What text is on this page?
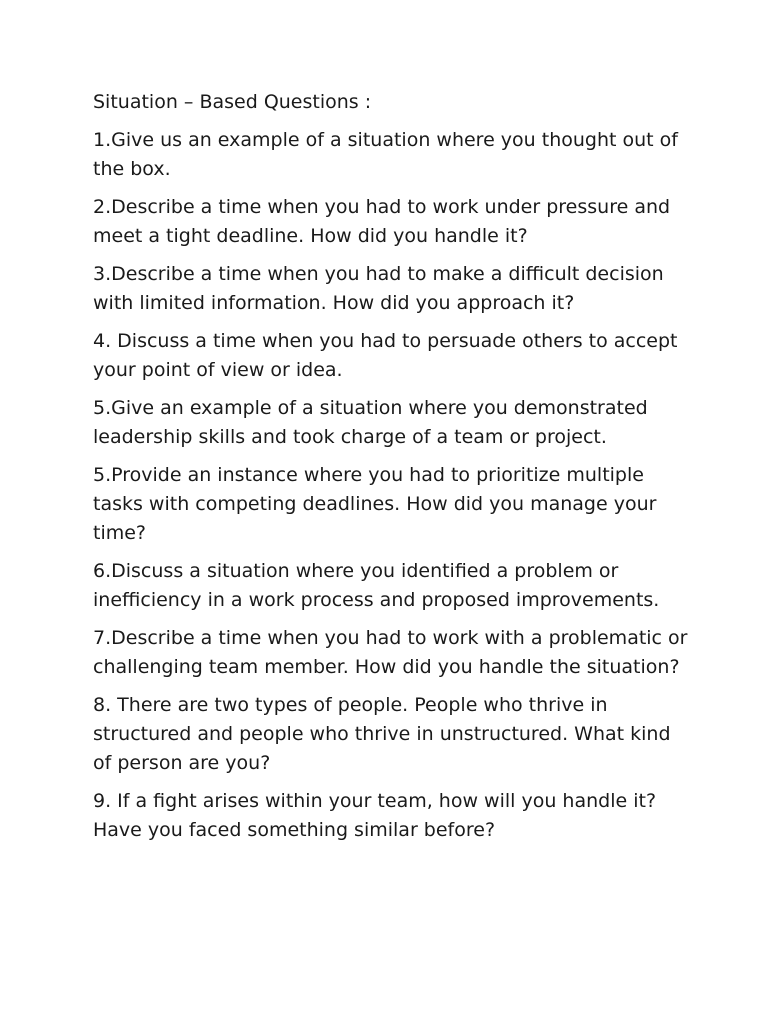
Situation – Based Questions :

1.Give us an example of a situation where you thought out of the box.

2.Describe a time when you had to work under pressure and meet a tight deadline. How did you handle it?

3.Describe a time when you had to make a difficult decision with limited information. How did you approach it?

4. Discuss a time when you had to persuade others to accept your point of view or idea.

5.Give an example of a situation where you demonstrated leadership skills and took charge of a team or project.

5.Provide an instance where you had to prioritize multiple tasks with competing deadlines. How did you manage your time?

6.Discuss a situation where you identified a problem or inefficiency in a work process and proposed improvements.

7.Describe a time when you had to work with a problematic or challenging team member. How did you handle the situation?

8. There are two types of people. People who thrive in structured and people who thrive in unstructured. What kind of person are you?

9. If a fight arises within your team, how will you handle it? Have you faced something similar before?
